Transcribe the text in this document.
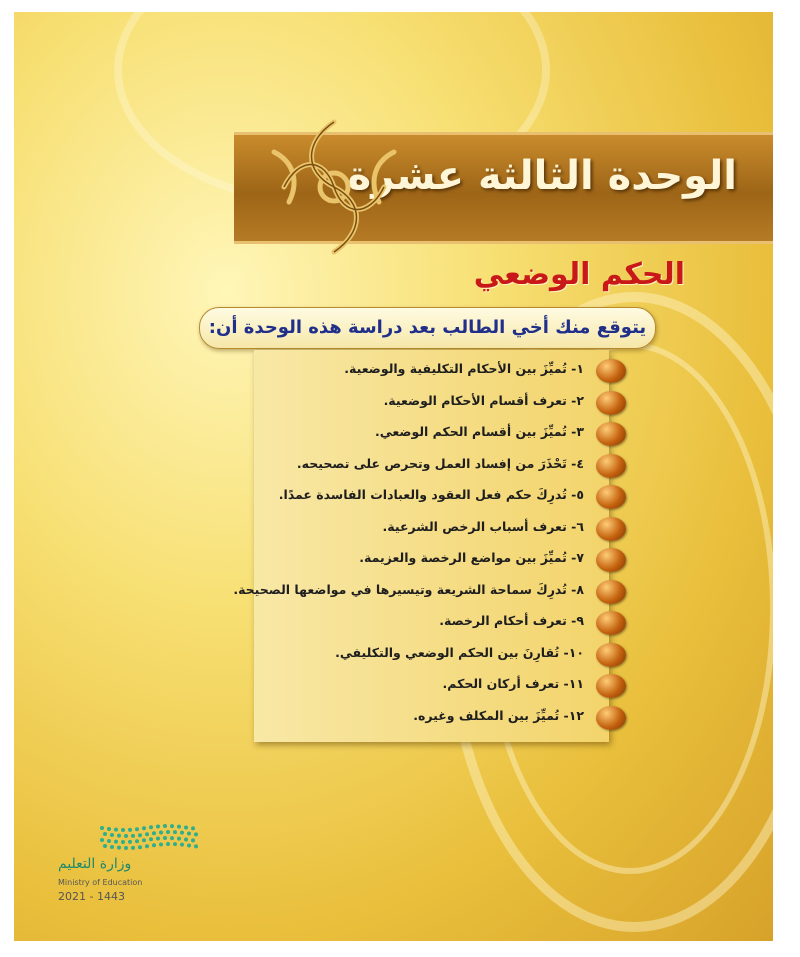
الوحدة الثالثة عشرة
الحكم الوضعي
يتوقع منك أخي الطالب بعد دراسة هذه الوحدة أن:
١- تُميِّزَ بين الأحكام التكليفية والوضعية.
٢- تعرف أقسام الأحكام الوضعية.
٣- تُميِّزَ بين أقسام الحكم الوضعي.
٤- تَحْذَرَ من إفساد العمل وتحرص على تصحيحه.
٥- تُدرِكَ حكم فعل العقود والعبادات الفاسدة عمدًا.
٦- تعرف أسباب الرخص الشرعية.
٧- تُميِّزَ بين مواضع الرخصة والعزيمة.
٨- تُدرِكَ سماحة الشريعة وتيسيرها في مواضعها الصحيحة.
٩- تعرف أحكام الرخصة.
١٠- تُقارِنَ بين الحكم الوضعي والتكليفي.
١١- تعرف أركان الحكم.
١٢- تُميِّزَ بين المكلف وغيره.
وزارة التعليم
Ministry of Education
2021 - 1443
